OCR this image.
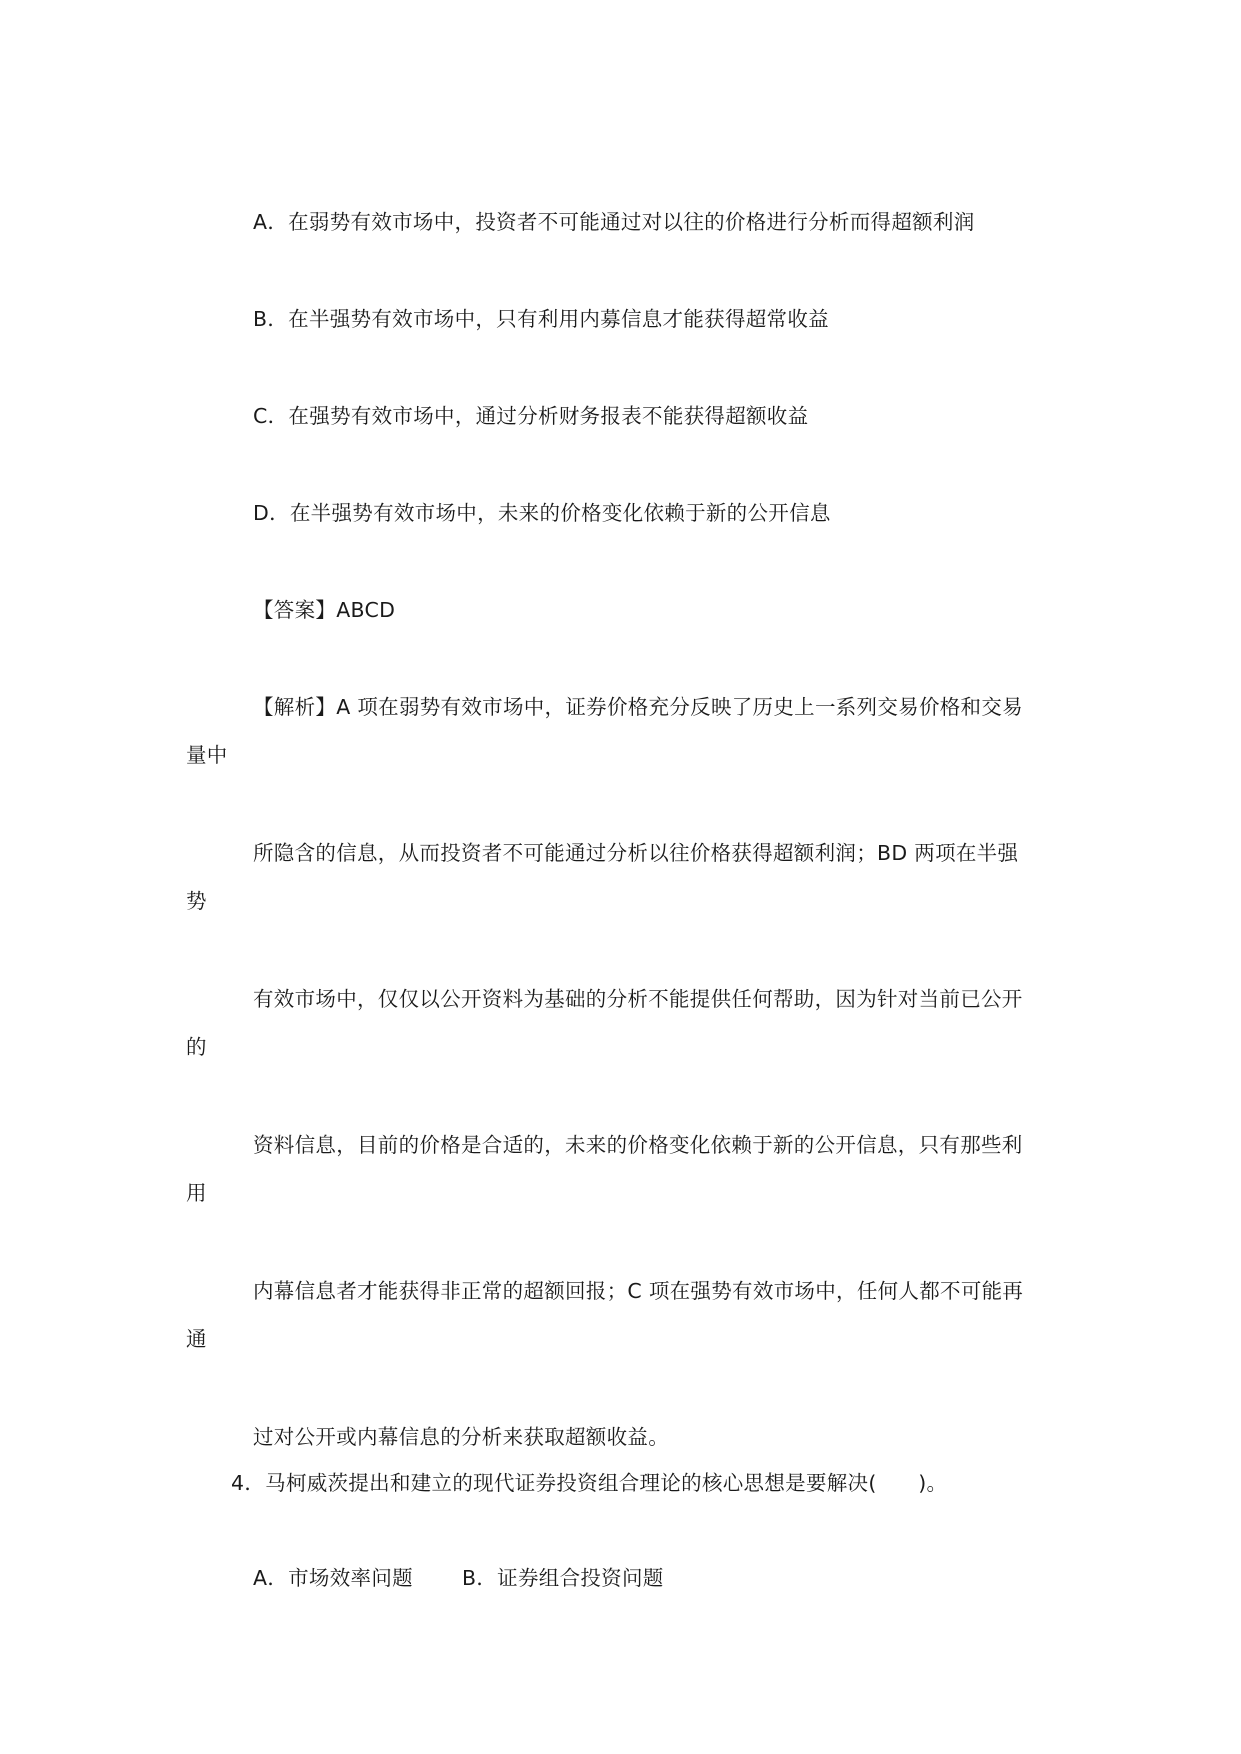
A．在弱势有效市场中，投资者不可能通过对以往的价格进行分析而得超额利润
B．在半强势有效市场中，只有利用内募信息才能获得超常收益
C．在强势有效市场中，通过分析财务报表不能获得超额收益
D．在半强势有效市场中，未来的价格变化依赖于新的公开信息
【答案】ABCD
【解析】A 项在弱势有效市场中，证券价格充分反映了历史上一系列交易价格和交易
量中
所隐含的信息，从而投资者不可能通过分析以往价格获得超额利润；BD 两项在半强
势
有效市场中，仅仅以公开资料为基础的分析不能提供任何帮助，因为针对当前已公开
的
资料信息，目前的价格是合适的，未来的价格变化依赖于新的公开信息，只有那些利
用
内幕信息者才能获得非正常的超额回报；C 项在强势有效市场中，任何人都不可能再
通
过对公开或内幕信息的分析来获取超额收益。
4．马柯威茨提出和建立的现代证券投资组合理论的核心思想是要解决(　　)。
A．市场效率问题 B．证券组合投资问题
